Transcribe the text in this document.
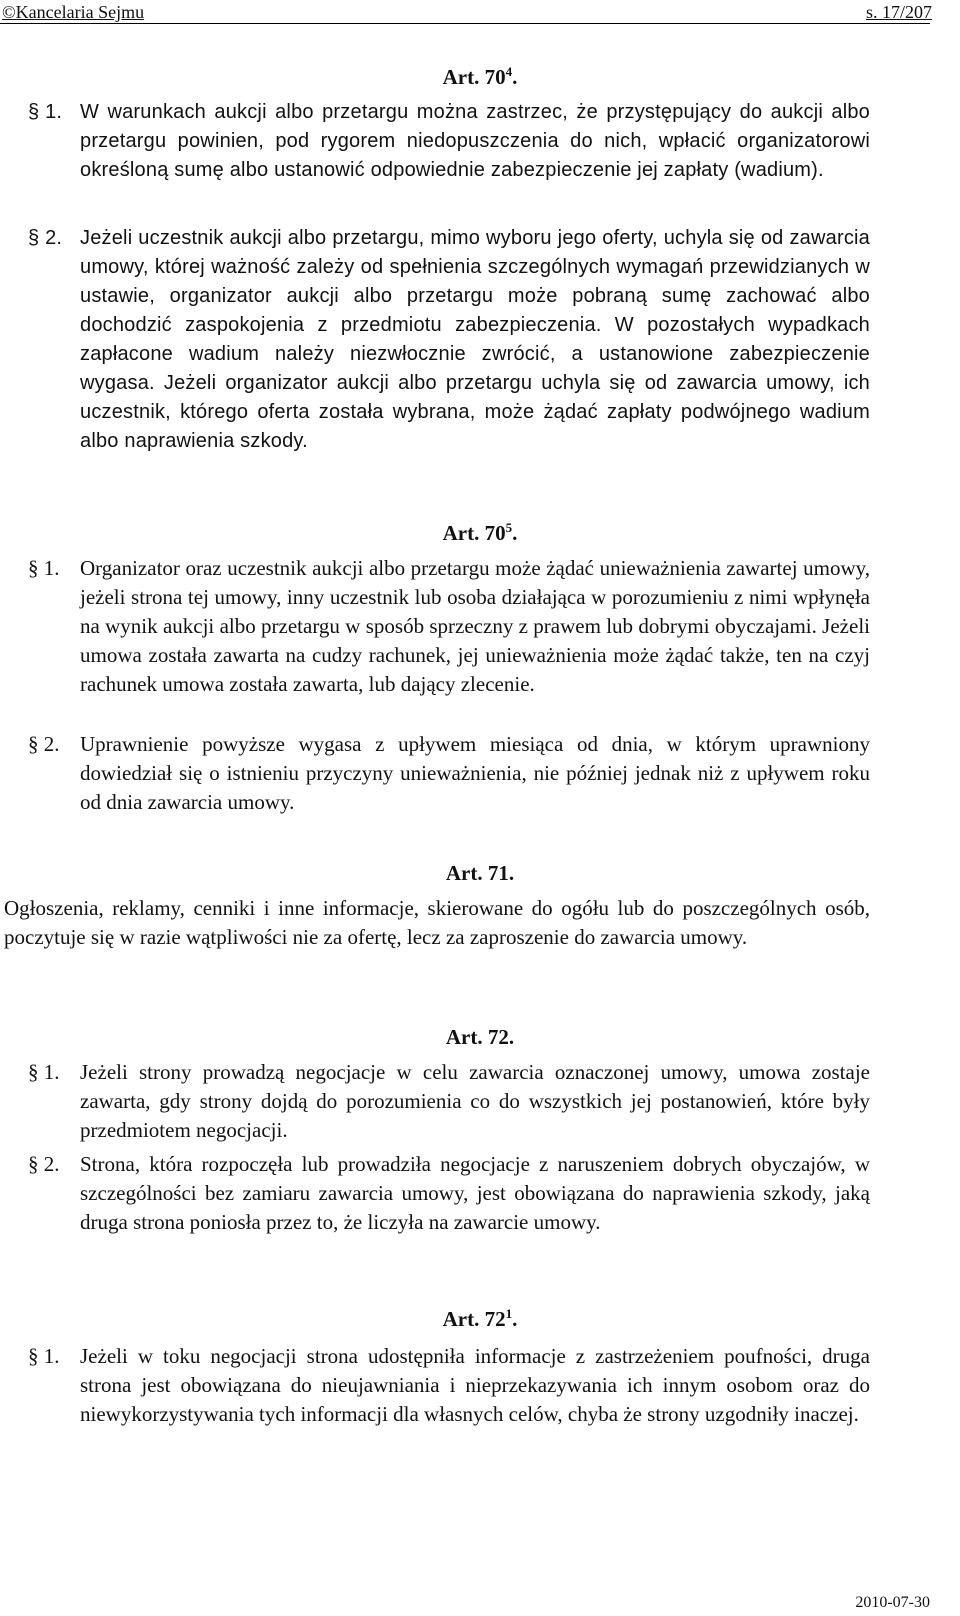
©Kancelaria Sejmu	s. 17/207
Art. $70^4$.

§ 1. W warunkach aukcji albo przetargu można zastrzec, że przystępujący do aukcji albo przetargu powinien, pod rygorem niedopuszczenia do nich, wpłacić organizatorowi określoną sumę albo ustanowić odpowiednie zabezpieczenie jej zapłaty (wadium).

§ 2. Jeżeli uczestnik aukcji albo przetargu, mimo wyboru jego oferty, uchyla się od zawarcia umowy, której ważność zależy od spełnienia szczególnych wymagań przewidzianych w ustawie, organizator aukcji albo przetargu może pobraną sumę zachować albo dochodzić zaspokojenia z przedmiotu zabezpieczenia. W pozostałych wypadkach zapłacone wadium należy niezwłocznie zwrócić, a ustanowione zabezpieczenie wygasa. Jeżeli organizator aukcji albo przetargu uchyla się od zawarcia umowy, ich uczestnik, którego oferta została wybrana, może żądać zapłaty podwójnego wadium albo naprawienia szkody.

Art. $70^5$.

§ 1. Organizator oraz uczestnik aukcji albo przetargu może żądać unieważnienia zawartej umowy, jeżeli strona tej umowy, inny uczestnik lub osoba działająca w porozumieniu z nimi wpłynęła na wynik aukcji albo przetargu w sposób sprzeczny z prawem lub dobrymi obyczajami. Jeżeli umowa została zawarta na cudzy rachunek, jej unieważnienia może żądać także, ten na czyj rachunek umowa została zawarta, lub dający zlecenie.

§ 2. Uprawnienie powyższe wygasa z upływem miesiąca od dnia, w którym uprawniony dowiedział się o istnieniu przyczyny unieważnienia, nie później jednak niż z upływem roku od dnia zawarcia umowy.

Art. 71.

Ogłoszenia, reklamy, cenniki i inne informacje, skierowane do ogółu lub do poszczególnych osób, poczytuje się w razie wątpliwości nie za ofertę, lecz za zaproszenie do zawarcia umowy.

Art. 72.

§ 1. Jeżeli strony prowadzą negocjacje w celu zawarcia oznaczonej umowy, umowa zostaje zawarta, gdy strony dojdą do porozumienia co do wszystkich jej postanowień, które były przedmiotem negocjacji.

§ 2. Strona, która rozpoczęła lub prowadziła negocjacje z naruszeniem dobrych obyczajów, w szczególności bez zamiaru zawarcia umowy, jest obowiązana do naprawienia szkody, jaką druga strona poniosła przez to, że liczyła na zawarcie umowy.

Art. $72^1$.

§ 1. Jeżeli w toku negocjacji strona udostępniła informacje z zastrzeżeniem poufności, druga strona jest obowiązana do nieujawniania i nieprzekazywania ich innym osobom oraz do niewykorzystywania tych informacji dla własnych celów, chyba że strony uzgodniły inaczej.

2010-07-30
